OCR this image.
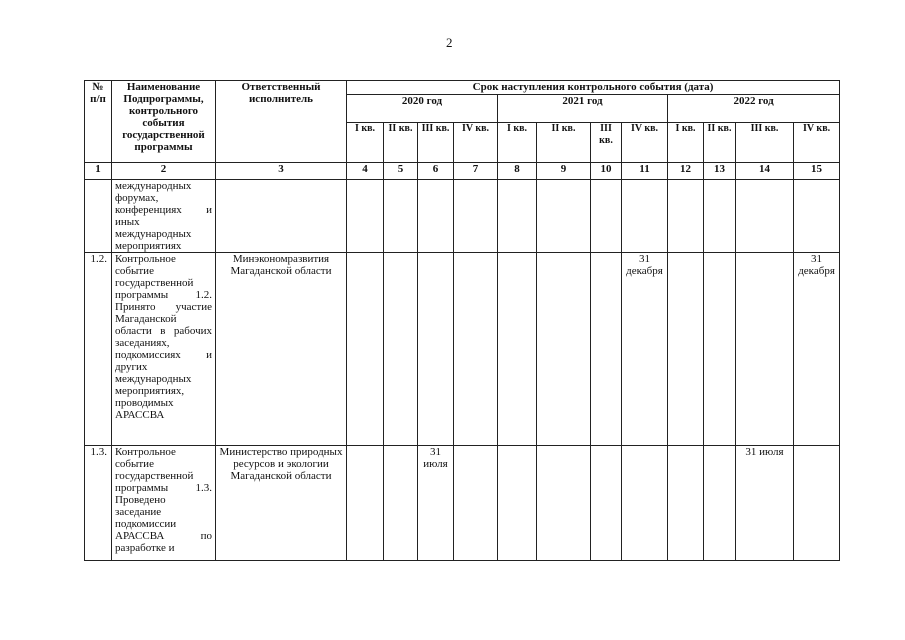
2
№ п/п	Наименование Подпрограммы, контрольного события государственной программы	Ответственный исполнитель	Срок наступления контрольного события (дата)											
			2020 год				2021 год				2022 год			
			I кв.	II кв.	III кв.	IV кв.	I кв.	II кв.	III кв.	IV кв.	I кв.	II кв.	III кв.	IV кв.
1	2	3	4	5	6	7	8	9	10	11	12	13	14	15
	международных форумах, конференциях и иных международных мероприятиях													
1.2.	Контрольное событие государственной программы 1.2. Принято участие Магаданской области в рабочих заседаниях, подкомиссиях и других международных мероприятиях, проводимых АРАССВА	Минэкономразвития Магаданской области								31 декабря				31 декабря
1.3.	Контрольное событие государственной программы 1.3. Проведено заседание подкомиссии АРАССВА по разработке и	Министерство природных ресурсов и экологии Магаданской области			31 июля								31 июля	
